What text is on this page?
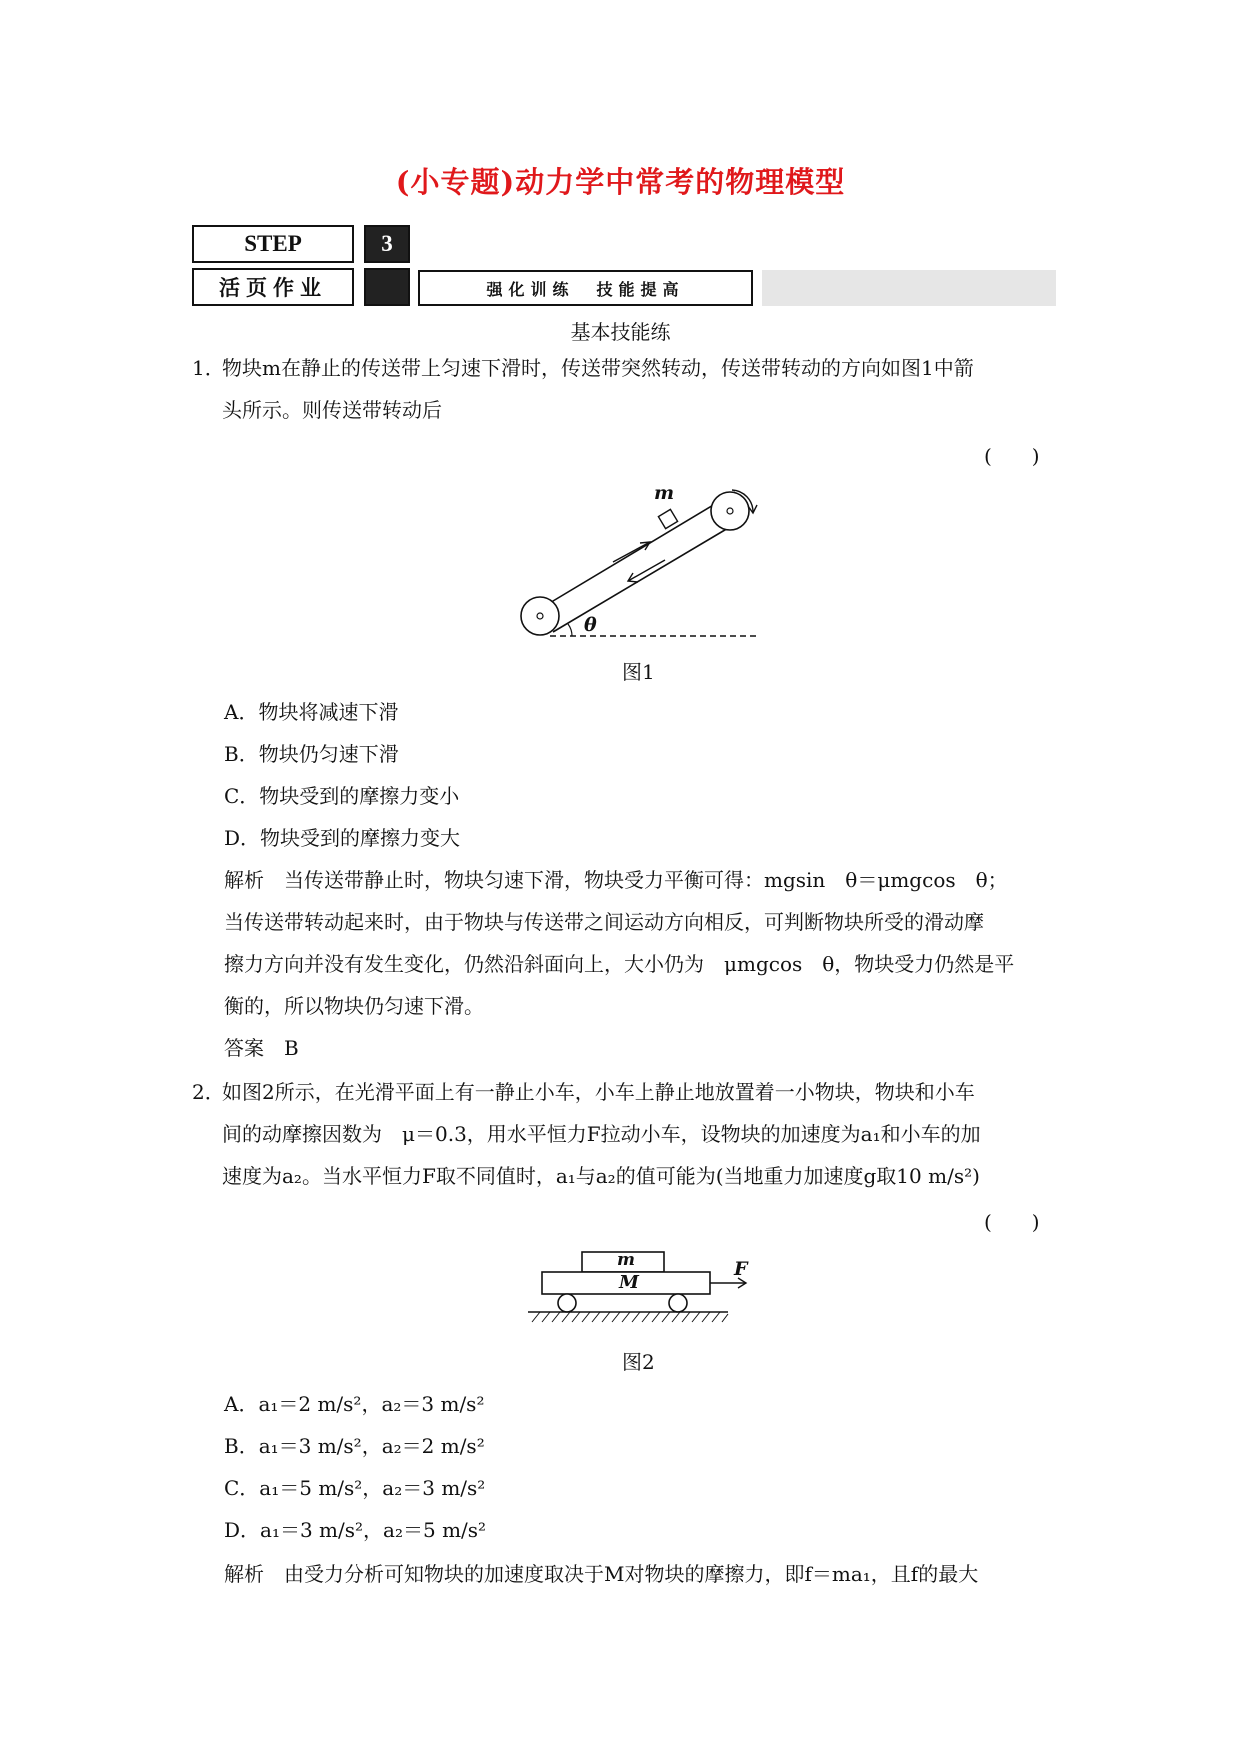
(小专题)动力学中常考的物理模型
STEP	3
活页作业	强化训练　技能提高
基本技能练
1．
物块m在静止的传送带上匀速下滑时，传送带突然转动，传送带转动的方向如图1中箭
头所示。则传送带转动后
(　　)
m
θ
图1
A．物块将减速下滑
B．物块仍匀速下滑
C．物块受到的摩擦力变小
D．物块受到的摩擦力变大
解析　当传送带静止时，物块匀速下滑，物块受力平衡可得：mgsin　θ＝μmgcos　θ；
当传送带转动起来时，由于物块与传送带之间运动方向相反，可判断物块所受的滑动摩
擦力方向并没有发生变化，仍然沿斜面向上，大小仍为　μmgcos　θ，物块受力仍然是平
衡的，所以物块仍匀速下滑。
答案　B
2．
如图2所示，在光滑平面上有一静止小车，小车上静止地放置着一小物块，物块和小车
间的动摩擦因数为　μ＝0.3，用水平恒力F拉动小车，设物块的加速度为a₁和小车的加
速度为a₂。当水平恒力F取不同值时，a₁与a₂的值可能为(当地重力加速度g取10 m/s²)
(　　)
m
M
F
图2
A．a₁＝2 m/s²，a₂＝3 m/s²
B．a₁＝3 m/s²，a₂＝2 m/s²
C．a₁＝5 m/s²，a₂＝3 m/s²
D．a₁＝3 m/s²，a₂＝5 m/s²
解析　由受力分析可知物块的加速度取决于M对物块的摩擦力，即f＝ma₁，且f的最大
